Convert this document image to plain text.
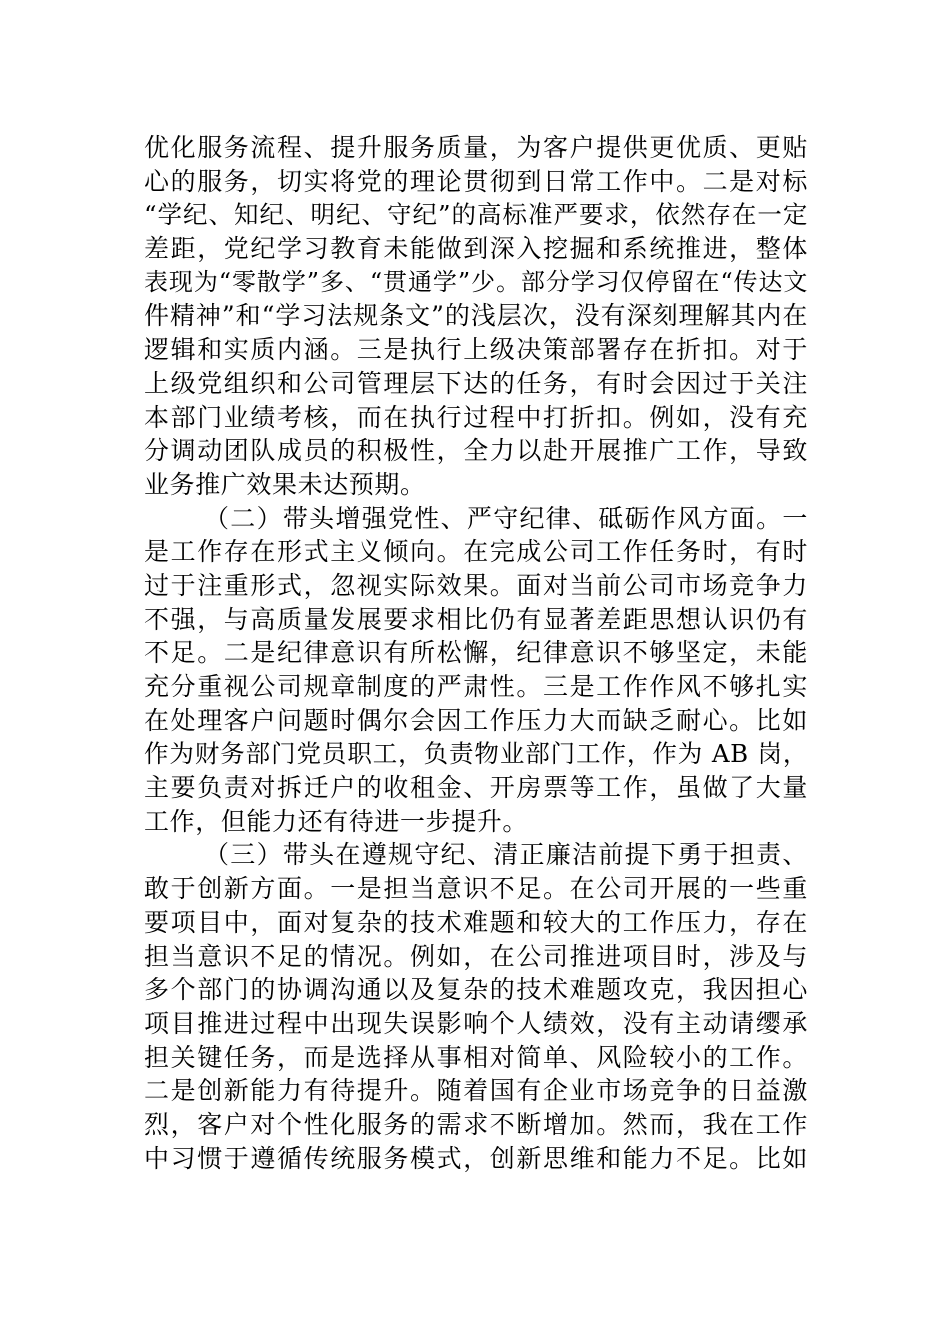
优化服务流程、提升服务质量，为客户提供更优质、更贴
心的服务，切实将党的理论贯彻到日常工作中。二是对标
“学纪、知纪、明纪、守纪”的高标准严要求，依然存在一定
差距，党纪学习教育未能做到深入挖掘和系统推进，整体
表现为“零散学”多、“贯通学”少。部分学习仅停留在“传达文
件精神”和“学习法规条文”的浅层次，没有深刻理解其内在
逻辑和实质内涵。三是执行上级决策部署存在折扣。对于
上级党组织和公司管理层下达的任务，有时会因过于关注
本部门业绩考核，而在执行过程中打折扣。例如，没有充
分调动团队成员的积极性，全力以赴开展推广工作，导致
业务推广效果未达预期。
（二）带头增强党性、严守纪律、砥砺作风方面。一
是工作存在形式主义倾向。在完成公司工作任务时，有时
过于注重形式，忽视实际效果。面对当前公司市场竞争力
不强，与高质量发展要求相比仍有显著差距思想认识仍有
不足。二是纪律意识有所松懈，纪律意识不够坚定，未能
充分重视公司规章制度的严肃性。三是工作作风不够扎实
在处理客户问题时偶尔会因工作压力大而缺乏耐心。比如
作为财务部门党员职工，负责物业部门工作，作为 AB 岗，
主要负责对拆迁户的收租金、开房票等工作，虽做了大量
工作，但能力还有待进一步提升。
（三）带头在遵规守纪、清正廉洁前提下勇于担责、
敢于创新方面。一是担当意识不足。在公司开展的一些重
要项目中，面对复杂的技术难题和较大的工作压力，存在
担当意识不足的情况。例如，在公司推进项目时，涉及与
多个部门的协调沟通以及复杂的技术难题攻克，我因担心
项目推进过程中出现失误影响个人绩效，没有主动请缨承
担关键任务，而是选择从事相对简单、风险较小的工作。
二是创新能力有待提升。随着国有企业市场竞争的日益激
烈，客户对个性化服务的需求不断增加。然而，我在工作
中习惯于遵循传统服务模式，创新思维和能力不足。比如
